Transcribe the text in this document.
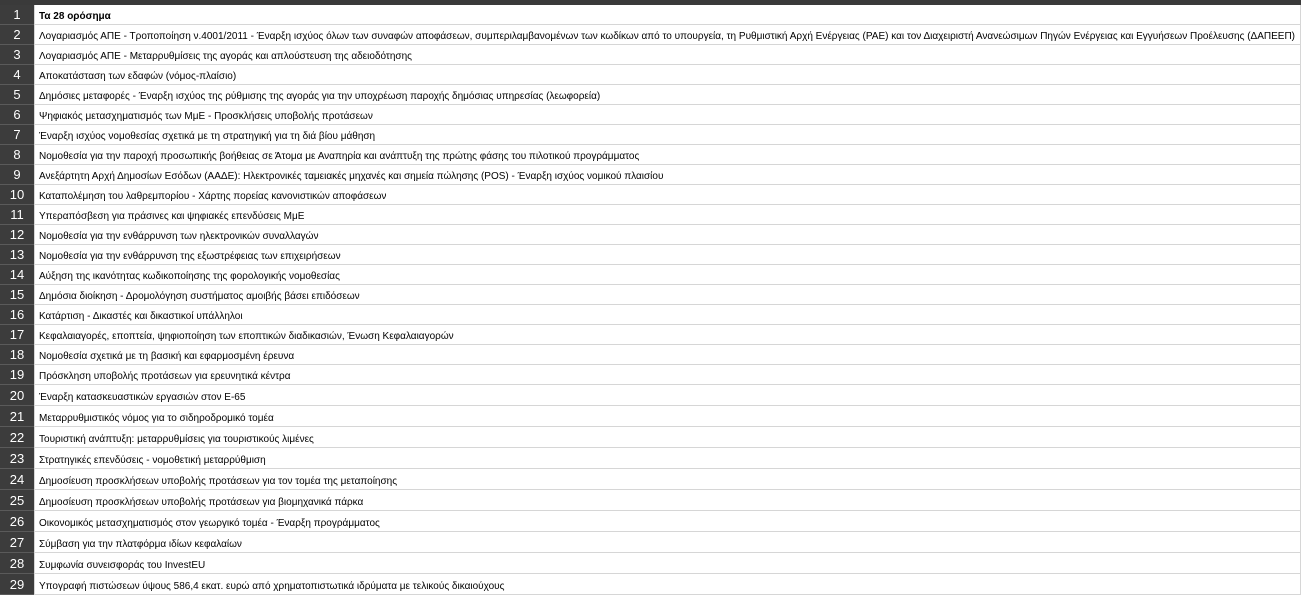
1	Τα 28 ορόσημα
2	Λογαριασμός ΑΠΕ - Τροποποίηση ν.4001/2011 - Έναρξη ισχύος όλων των συναφών αποφάσεων, συμπεριλαμβανομένων των κωδίκων από το υπουργεία, τη Ρυθμιστική Αρχή Ενέργειας (ΡΑΕ) και τον Διαχειριστή Ανανεώσιμων Πηγών Ενέργειας και Εγγυήσεων Προέλευσης (ΔΑΠΕΕΠ)
3	Λογαριασμός ΑΠΕ - Μεταρρυθμίσεις της αγοράς και απλούστευση της αδειοδότησης
4	Αποκατάσταση των εδαφών (νόμος-πλαίσιο)
5	Δημόσιες μεταφορές - Έναρξη ισχύος της ρύθμισης της αγοράς για την υποχρέωση παροχής δημόσιας υπηρεσίας (λεωφορεία)
6	Ψηφιακός μετασχηματισμός των ΜμΕ - Προσκλήσεις υποβολής προτάσεων
7	Έναρξη ισχύος νομοθεσίας σχετικά με τη στρατηγική για τη διά βίου μάθηση
8	Νομοθεσία για την παροχή προσωπικής βοήθειας σε Άτομα με Αναπηρία και ανάπτυξη της πρώτης φάσης του πιλοτικού προγράμματος
9	Ανεξάρτητη Αρχή Δημοσίων Εσόδων (ΑΑΔΕ): Ηλεκτρονικές ταμειακές μηχανές και σημεία πώλησης (POS) - Έναρξη ισχύος νομικού πλαισίου
10	Καταπολέμηση του λαθρεμπορίου - Χάρτης πορείας κανονιστικών αποφάσεων
11	Υπεραπόσβεση για πράσινες και ψηφιακές επενδύσεις ΜμΕ
12	Νομοθεσία για την ενθάρρυνση των ηλεκτρονικών συναλλαγών
13	Νομοθεσία για την ενθάρρυνση της εξωστρέφειας των επιχειρήσεων
14	Αύξηση της ικανότητας κωδικοποίησης της φορολογικής νομοθεσίας
15	Δημόσια διοίκηση - Δρομολόγηση συστήματος αμοιβής βάσει επιδόσεων
16	Κατάρτιση - Δικαστές και δικαστικοί υπάλληλοι
17	Κεφαλαιαγορές, εποπτεία, ψηφιοποίηση των εποπτικών διαδικασιών, Ένωση Κεφαλαιαγορών
18	Νομοθεσία σχετικά με τη βασική και εφαρμοσμένη έρευνα
19	Πρόσκληση υποβολής προτάσεων για ερευνητικά κέντρα
20	Έναρξη κατασκευαστικών εργασιών στον Ε-65
21	Μεταρρυθμιστικός νόμος για το σιδηροδρομικό τομέα
22	Τουριστική ανάπτυξη: μεταρρυθμίσεις για τουριστικούς λιμένες
23	Στρατηγικές επενδύσεις - νομοθετική μεταρρύθμιση
24	Δημοσίευση προσκλήσεων υποβολής προτάσεων για τον τομέα της μεταποίησης
25	Δημοσίευση προσκλήσεων υποβολής προτάσεων για βιομηχανικά πάρκα
26	Οικονομικός μετασχηματισμός στον γεωργικό τομέα - Έναρξη προγράμματος
27	Σύμβαση για την πλατφόρμα ιδίων κεφαλαίων
28	Συμφωνία συνεισφοράς του InvestEU
29	Υπογραφή πιστώσεων ύψους 586,4 εκατ. ευρώ από χρηματοπιστωτικά ιδρύματα με τελικούς δικαιούχους
